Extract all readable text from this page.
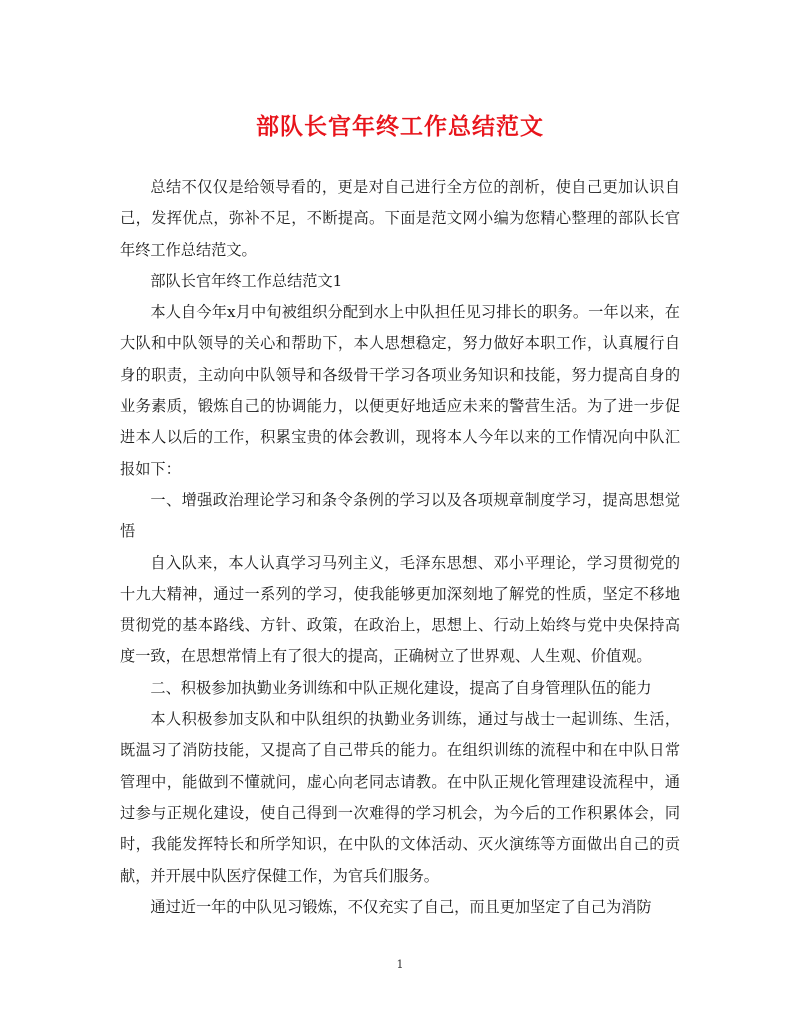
部队长官年终工作总结范文

总结不仅仅是给领导看的，更是对自己进行全方位的剖析，使自己更加认识自己，发挥优点，弥补不足，不断提高。下面是范文网小编为您精心整理的部队长官年终工作总结范文。

部队长官年终工作总结范文1

本人自今年x月中旬被组织分配到水上中队担任见习排长的职务。一年以来，在大队和中队领导的关心和帮助下，本人思想稳定，努力做好本职工作，认真履行自身的职责，主动向中队领导和各级骨干学习各项业务知识和技能，努力提高自身的业务素质，锻炼自己的协调能力，以便更好地适应未来的警营生活。为了进一步促进本人以后的工作，积累宝贵的体会教训，现将本人今年以来的工作情况向中队汇报如下：

一、增强政治理论学习和条令条例的学习以及各项规章制度学习，提高思想觉悟

自入队来，本人认真学习马列主义，毛泽东思想、邓小平理论，学习贯彻党的十九大精神，通过一系列的学习，使我能够更加深刻地了解党的性质，坚定不移地贯彻党的基本路线、方针、政策，在政治上，思想上、行动上始终与党中央保持高度一致，在思想常情上有了很大的提高，正确树立了世界观、人生观、价值观。

二、积极参加执勤业务训练和中队正规化建设，提高了自身管理队伍的能力

本人积极参加支队和中队组织的执勤业务训练，通过与战士一起训练、生活，既温习了消防技能，又提高了自己带兵的能力。在组织训练的流程中和在中队日常管理中，能做到不懂就问，虚心向老同志请教。在中队正规化管理建设流程中，通过参与正规化建设，使自己得到一次难得的学习机会，为今后的工作积累体会，同时，我能发挥特长和所学知识，在中队的文体活动、灭火演练等方面做出自己的贡献，并开展中队医疗保健工作，为官兵们服务。

通过近一年的中队见习锻炼，不仅充实了自己，而且更加坚定了自己为消防

1
